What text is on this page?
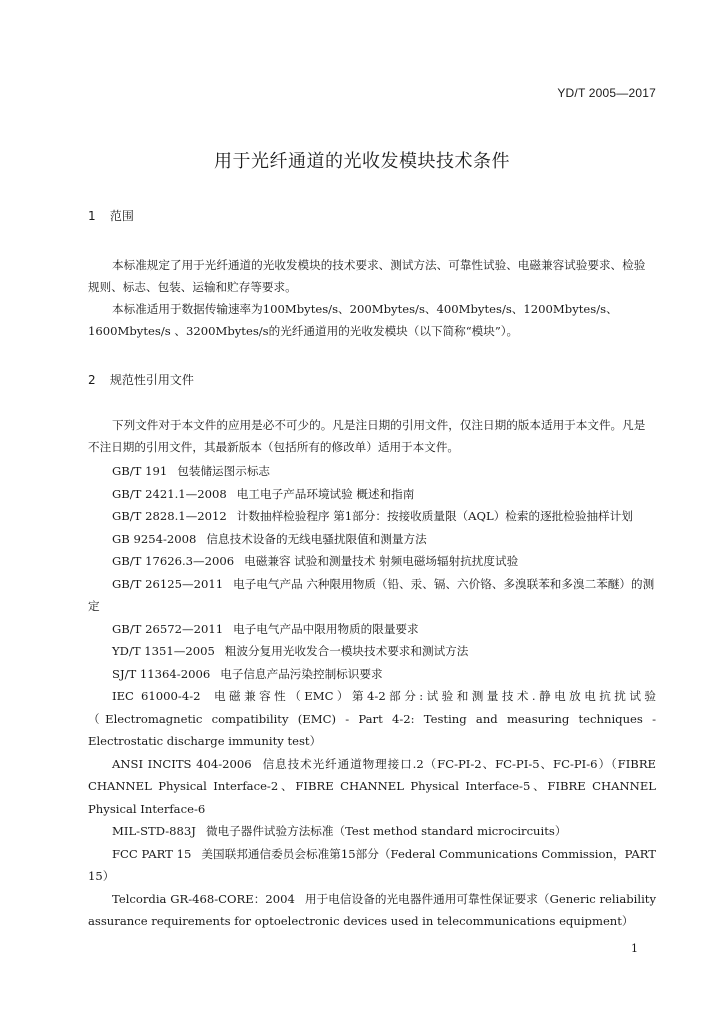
YD/T 2005—2017
用于光纤通道的光收发模块技术条件
1 范围

本标准规定了用于光纤通道的光收发模块的技术要求、测试方法、可靠性试验、电磁兼容试验要求、检验规则、标志、包装、运输和贮存等要求。

本标准适用于数据传输速率为100Mbytes/s、200Mbytes/s、400Mbytes/s、1200Mbytes/s、1600Mbytes/s 、3200Mbytes/s的光纤通道用的光收发模块（以下简称“模块”）。

2 规范性引用文件

下列文件对于本文件的应用是必不可少的。凡是注日期的引用文件，仅注日期的版本适用于本文件。凡是不注日期的引用文件，其最新版本（包括所有的修改单）适用于本文件。

GB/T 191 包装储运图示标志

GB/T 2421.1—2008 电工电子产品环境试验 概述和指南

GB/T 2828.1—2012 计数抽样检验程序 第1部分：按接收质量限（AQL）检索的逐批检验抽样计划

GB 9254-2008 信息技术设备的无线电骚扰限值和测量方法

GB/T 17626.3—2006 电磁兼容 试验和测量技术 射频电磁场辐射抗扰度试验

GB/T 26125—2011 电子电气产品 六种限用物质（铅、汞、镉、六价铬、多溴联苯和多溴二苯醚）的测定

GB/T 26572—2011 电子电气产品中限用物质的限量要求

YD/T 1351—2005 粗波分复用光收发合一模块技术要求和测试方法

SJ/T 11364-2006 电子信息产品污染控制标识要求

IEC 61000-4-2 电磁兼容性（EMC）第4-2部分:试验和测量技术.静电放电抗扰试验（Electromagnetic compatibility (EMC) - Part 4-2: Testing and measuring techniques - Electrostatic discharge immunity test）

ANSI INCITS 404-2006 信息技术光纤通道物理接口.2（FC-PI-2、FC-PI-5、FC-PI-6）（FIBRE CHANNEL Physical Interface-2、FIBRE CHANNEL Physical Interface-5、FIBRE CHANNEL Physical Interface-6

MIL-STD-883J 微电子器件试验方法标准（Test method standard microcircuits）

FCC PART 15 美国联邦通信委员会标准第15部分（Federal Communications Commission，PART 15）

Telcordia GR-468-CORE：2004 用于电信设备的光电器件通用可靠性保证要求（Generic reliability assurance requirements for optoelectronic devices used in telecommunications equipment）

1
